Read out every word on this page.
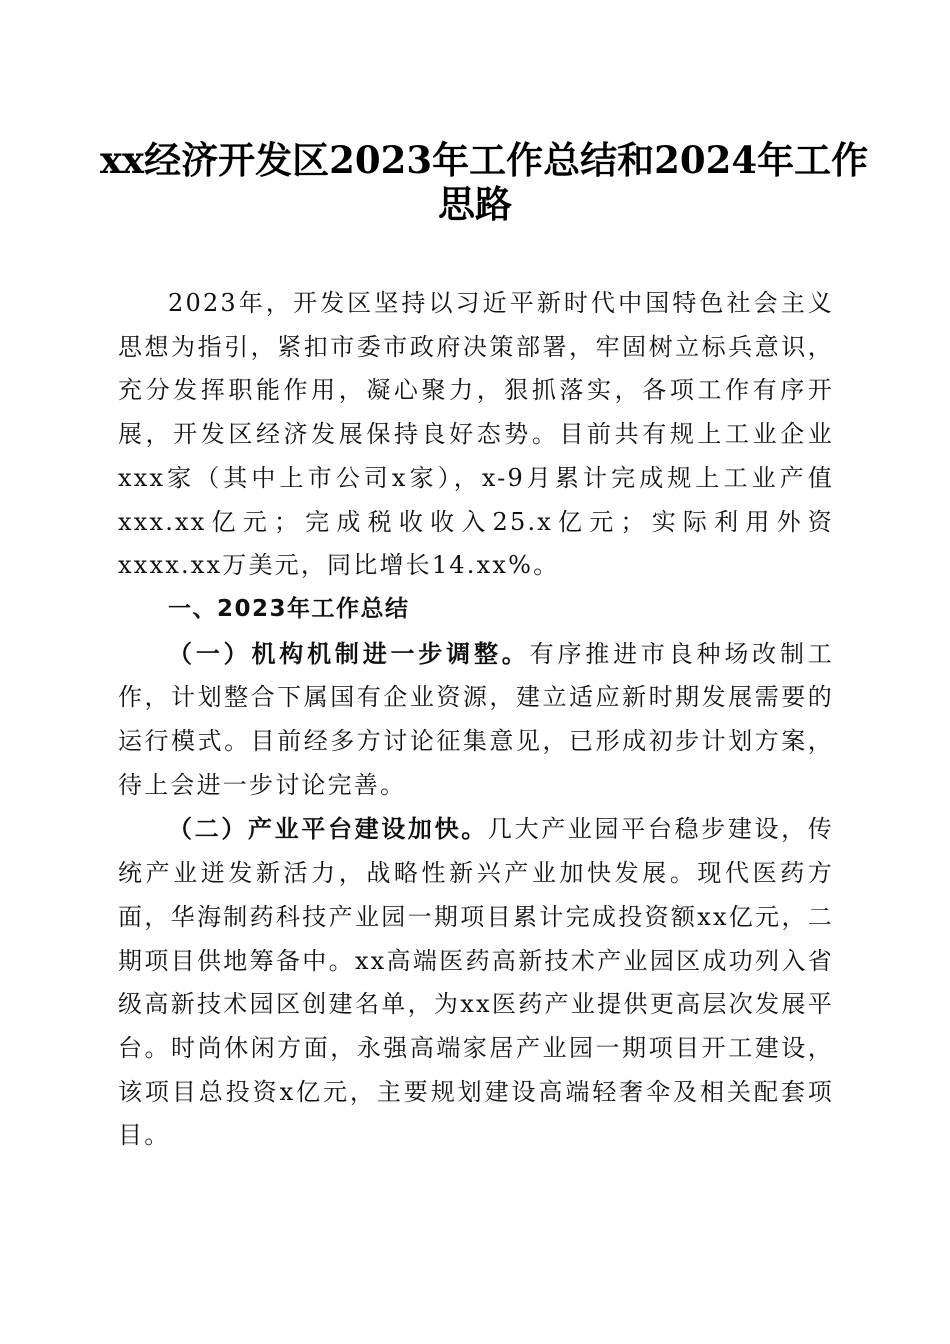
xx经济开发区2023年工作总结和2024年工作
思路

2023年，开发区坚持以习近平新时代中国特色社会主义思想为指引，紧扣市委市政府决策部署，牢固树立标兵意识，充分发挥职能作用，凝心聚力，狠抓落实，各项工作有序开展，开发区经济发展保持良好态势。目前共有规上工业企业xxx家（其中上市公司x家），x-9月累计完成规上工业产值xxx.xx亿元；完成税收收入25.x亿元；实际利用外资xxxx.xx万美元，同比增长14.xx%。

一、2023年工作总结

（一）机构机制进一步调整。有序推进市良种场改制工作，计划整合下属国有企业资源，建立适应新时期发展需要的运行模式。目前经多方讨论征集意见，已形成初步计划方案，待上会进一步讨论完善。

（二）产业平台建设加快。几大产业园平台稳步建设，传统产业迸发新活力，战略性新兴产业加快发展。现代医药方面，华海制药科技产业园一期项目累计完成投资额xx亿元，二期项目供地筹备中。xx高端医药高新技术产业园区成功列入省级高新技术园区创建名单，为xx医药产业提供更高层次发展平台。时尚休闲方面，永强高端家居产业园一期项目开工建设，该项目总投资x亿元，主要规划建设高端轻奢伞及相关配套项目。
